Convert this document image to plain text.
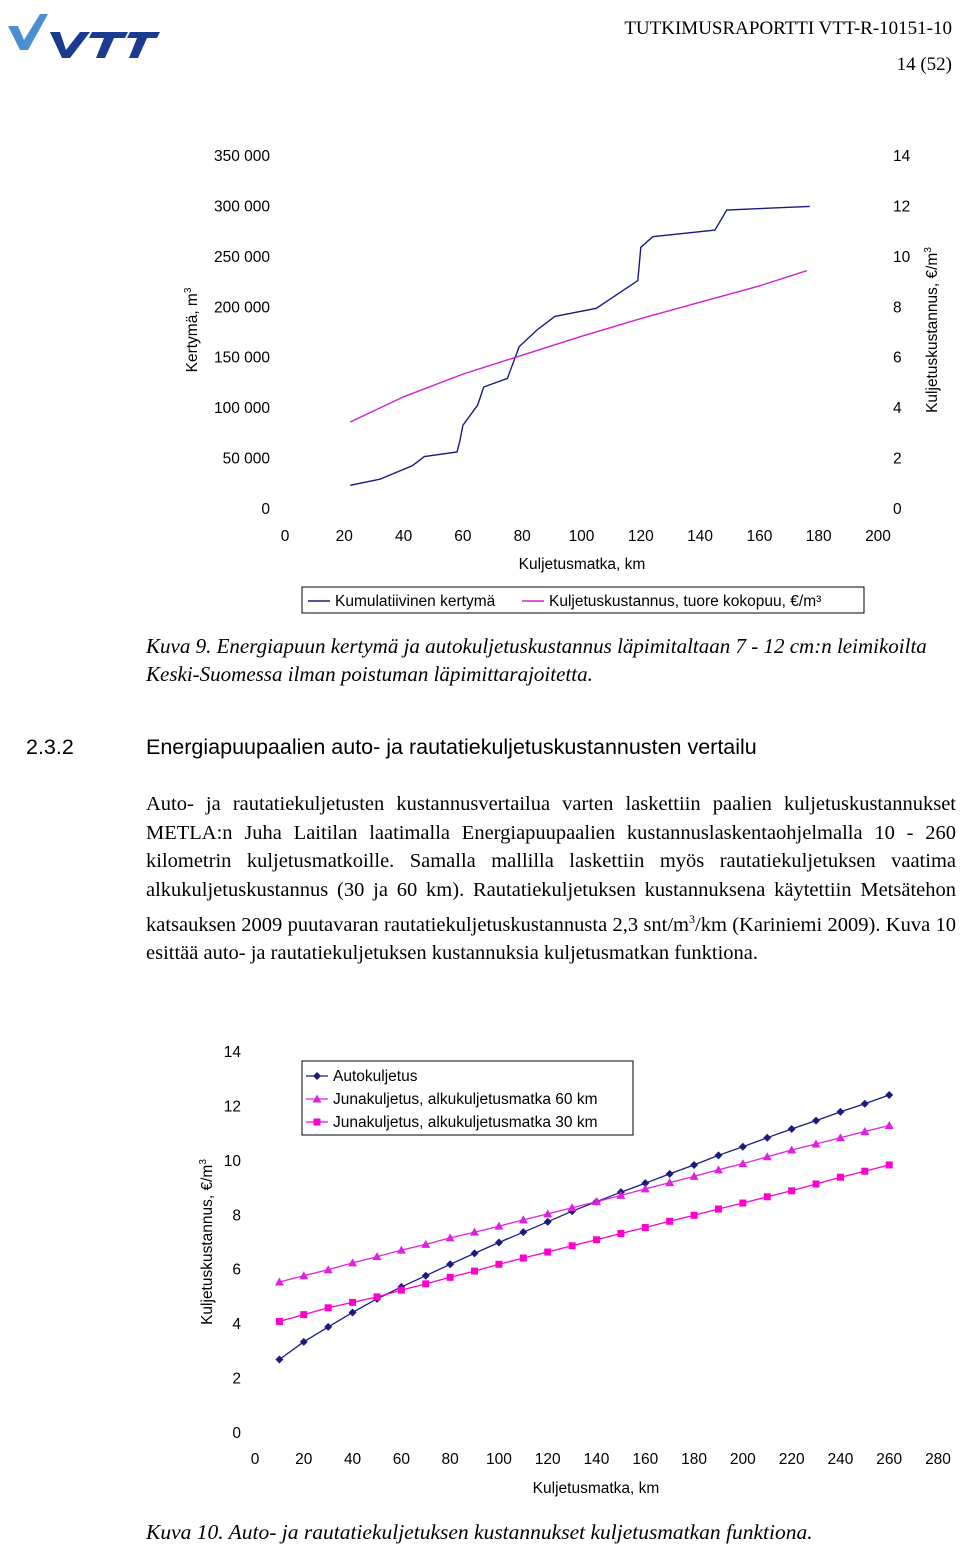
TUTKIMUSRAPORTTI VTT-R-10151-10
14 (52)
0	20	40	60	80 100 120 140 160 180 200
0
50 000
100 000
150 000
200 000
250 000
300 000
350 000
0
2
4
6
8
10
12
14
Kuljetusmatka, km
Kertymä, $m^3$	Kuljetuskustannus, $€/m^3$
Kumulatiivinen kertymä	Kuljetuskustannus, tuore kokopuu, €/m³
Kuva 9. Energiapuun kertymä ja autokuljetuskustannus läpimitaltaan 7 - 12 cm:n leimikoilta Keski-Suomessa ilman poistuman läpimittarajoitetta.
2.3.2	Energiapuupaalien auto- ja rautatiekuljetuskustannusten vertailu
Auto- ja rautatiekuljetusten kustannusvertailua varten laskettiin paalien kuljetuskustannukset METLA:n Juha Laitilan laatimalla Energiapuupaalien kustannuslaskentaohjelmalla 10 - 260 kilometrin kuljetusmatkoille. Samalla mallilla laskettiin myös rautatiekuljetuksen vaatima alkukuljetuskustannus (30 ja 60 km). Rautatiekuljetuksen kustannuksena käytettiin Metsätehon katsauksen 2009 puutavaran rautatiekuljetuskustannusta 2,3 snt/$m^3/km$ (Kariniemi 2009). Kuva 10 esittää auto- ja rautatiekuljetuksen kustannuksia kuljetusmatkan funktiona.
0 20 40 60 80 100 120 140 160 180 200 220 240 260 280
0
2
4
6
8
10
12
14
Kuljetusmatka, km
Kuljetuskustannus, $€/m^3$
Autokuljetus
Junakuljetus, alkukuljetusmatka 60 km
Junakuljetus, alkukuljetusmatka 30 km
Kuva 10. Auto- ja rautatiekuljetuksen kustannukset kuljetusmatkan funktiona.
